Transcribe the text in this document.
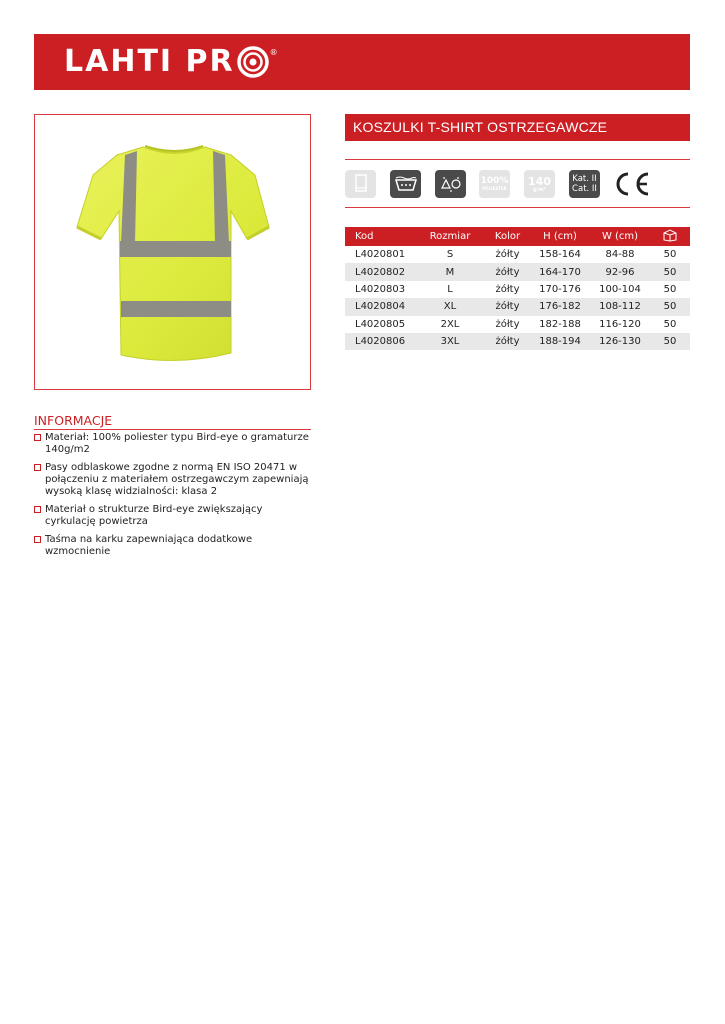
LAHTI PR	®
KOSZULKI T-SHIRT OSTRZEGAWCZE
100%
POLIESTER
140
g/m²
Kat. II
Cat. II
Kod	Rozmiar	Kolor	H (cm)	W (cm)	
L4020801	S	żółty	158-164	84-88	50
L4020802	M	żółty	164-170	92-96	50
L4020803	L	żółty	170-176	100-104	50
L4020804	XL	żółty	176-182	108-112	50
L4020805	2XL	żółty	182-188	116-120	50
L4020806	3XL	żółty	188-194	126-130	50
INFORMACJE
Materiał: 100% poliester typu Bird-eye o gramaturze 140g/m2
Pasy odblaskowe zgodne z normą EN ISO 20471 w połączeniu z materiałem ostrzegawczym zapewniają wysoką klasę widzialności: klasa 2
Materiał o strukturze Bird-eye zwiększający cyrkulację powietrza
Taśma na karku zapewniająca dodatkowe wzmocnienie
